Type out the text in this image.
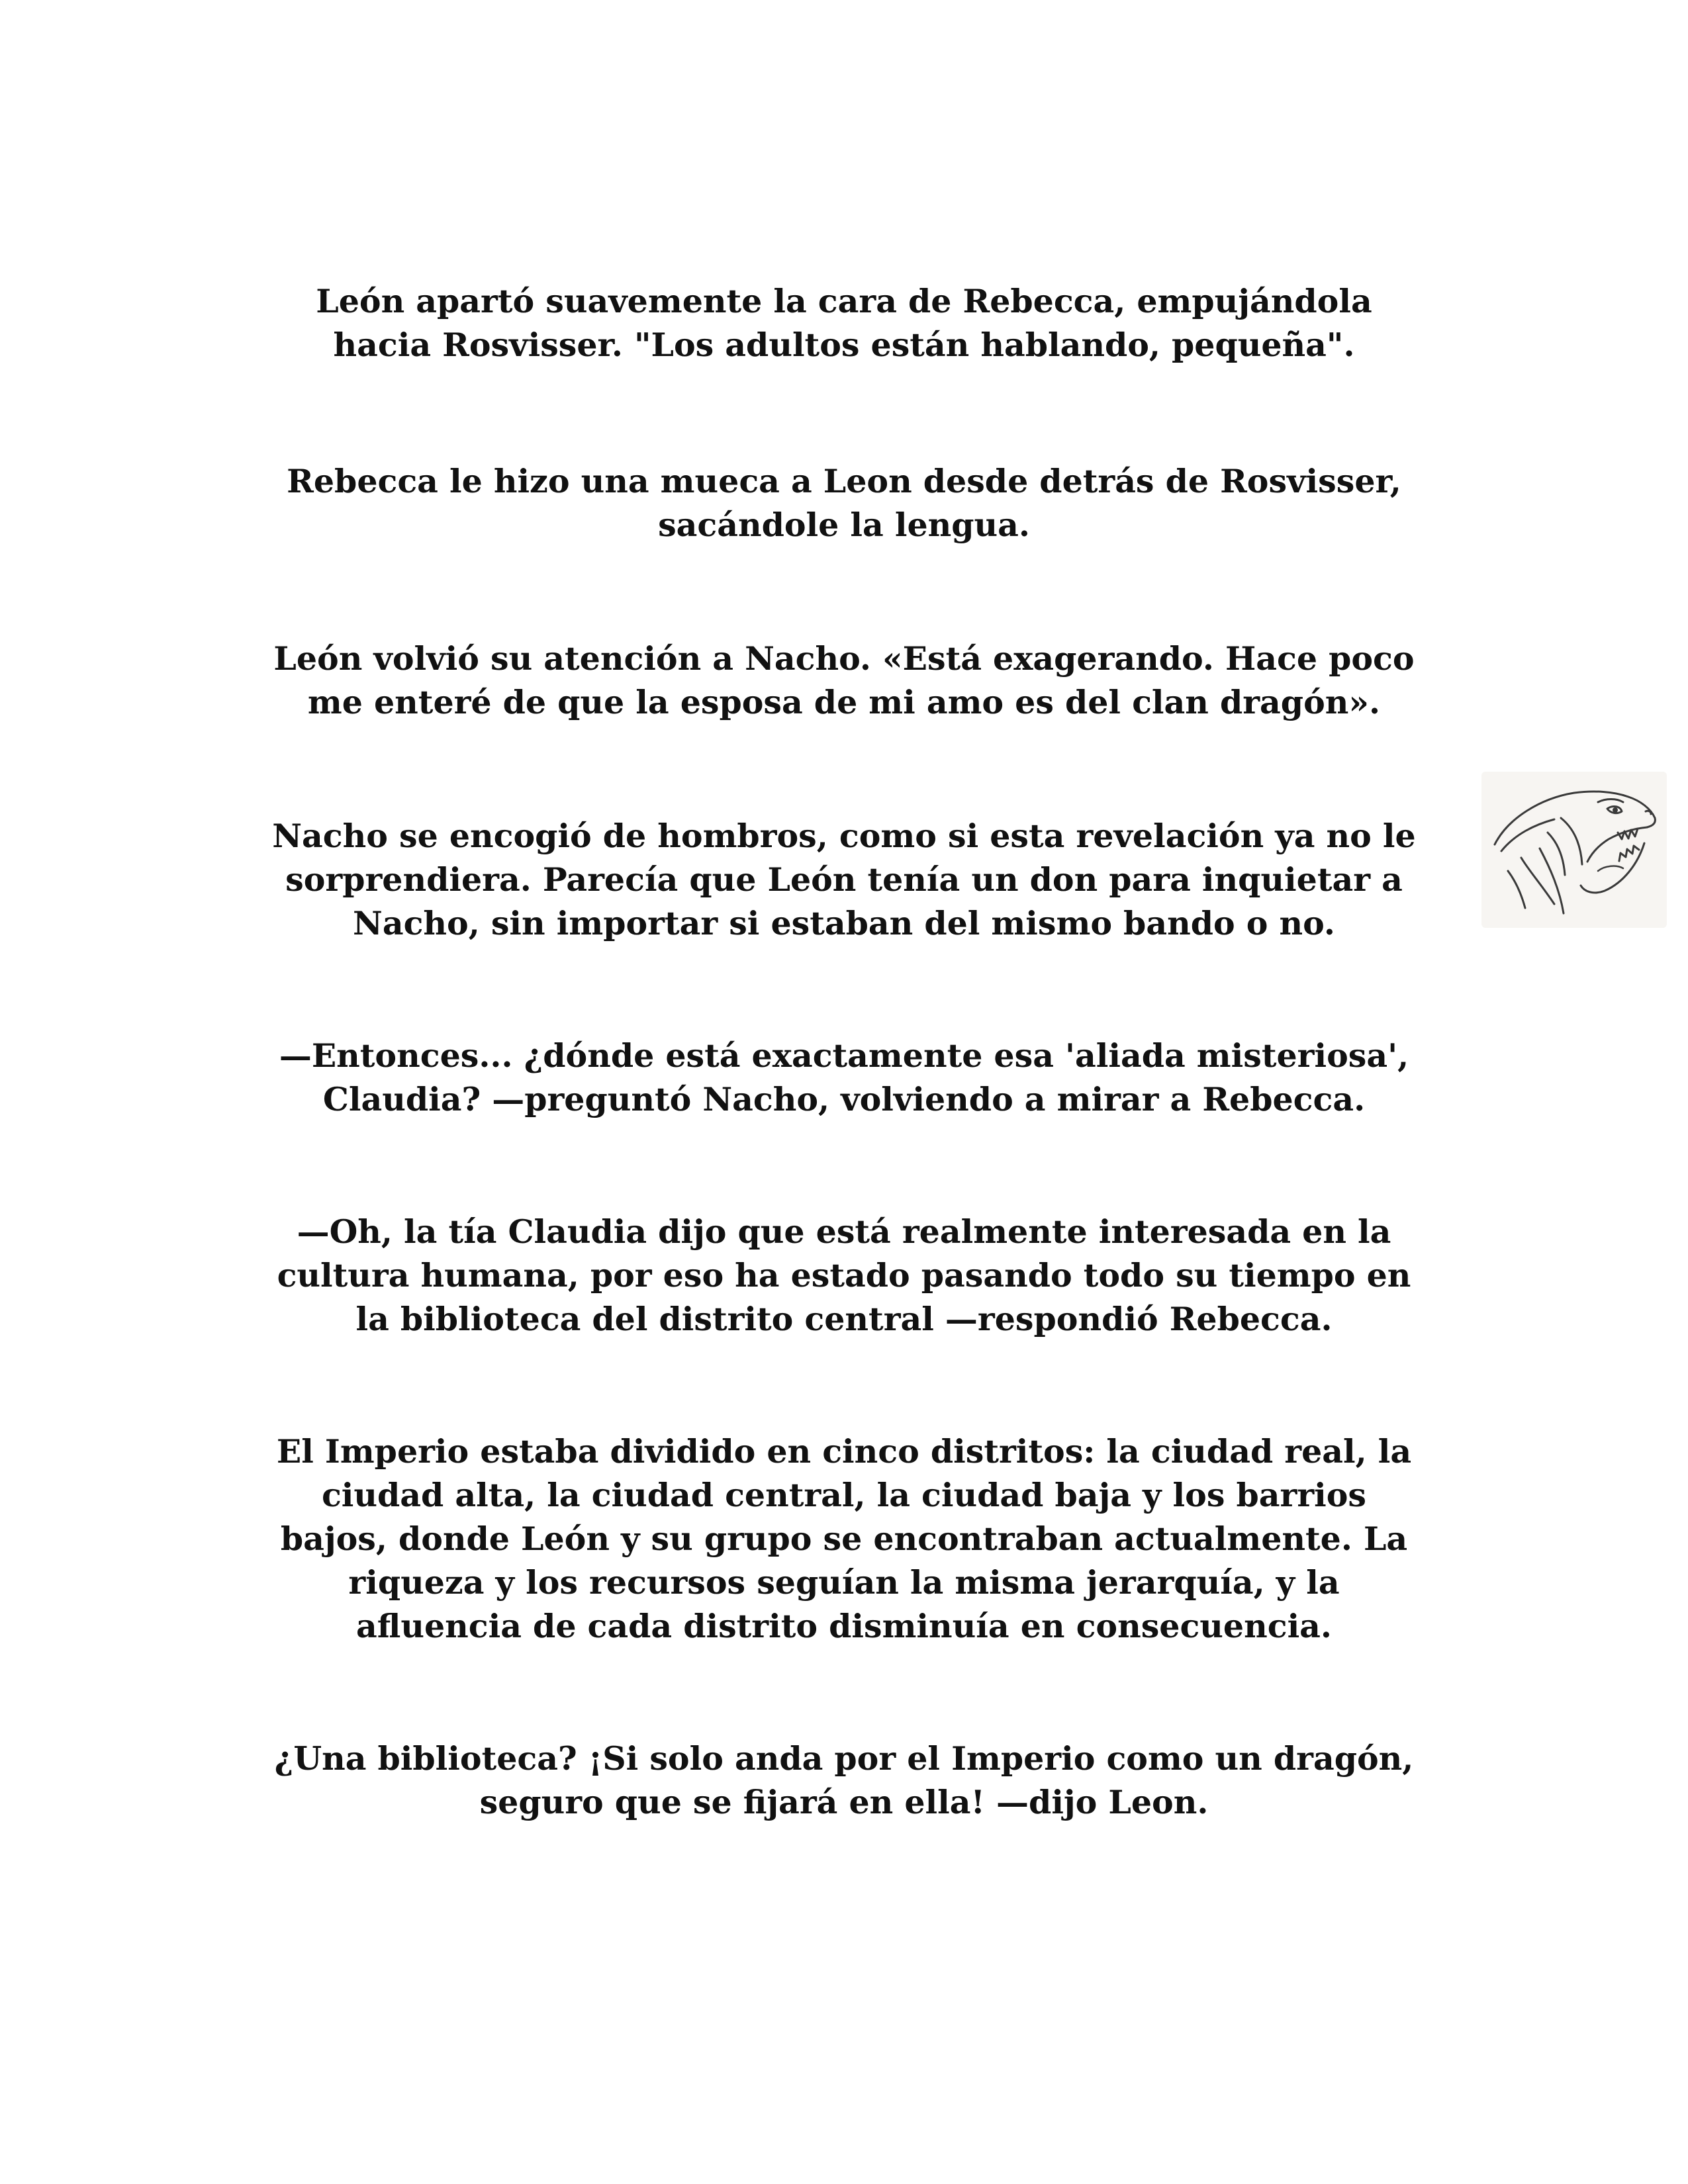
León apartó suavemente la cara de Rebecca, empujándola
hacia Rosvisser. "Los adultos están hablando, pequeña".

Rebecca le hizo una mueca a Leon desde detrás de Rosvisser,
sacándole la lengua.

León volvió su atención a Nacho. «Está exagerando. Hace poco
me enteré de que la esposa de mi amo es del clan dragón».

Nacho se encogió de hombros, como si esta revelación ya no le
sorprendiera. Parecía que León tenía un don para inquietar a
Nacho, sin importar si estaban del mismo bando o no.

—Entonces... ¿dónde está exactamente esa 'aliada misteriosa',
Claudia? —preguntó Nacho, volviendo a mirar a Rebecca.

—Oh, la tía Claudia dijo que está realmente interesada en la
cultura humana, por eso ha estado pasando todo su tiempo en
la biblioteca del distrito central —respondió Rebecca.

El Imperio estaba dividido en cinco distritos: la ciudad real, la
ciudad alta, la ciudad central, la ciudad baja y los barrios
bajos, donde León y su grupo se encontraban actualmente. La
riqueza y los recursos seguían la misma jerarquía, y la
afluencia de cada distrito disminuía en consecuencia.

¿Una biblioteca? ¡Si solo anda por el Imperio como un dragón,
seguro que se fijará en ella! —dijo Leon.
